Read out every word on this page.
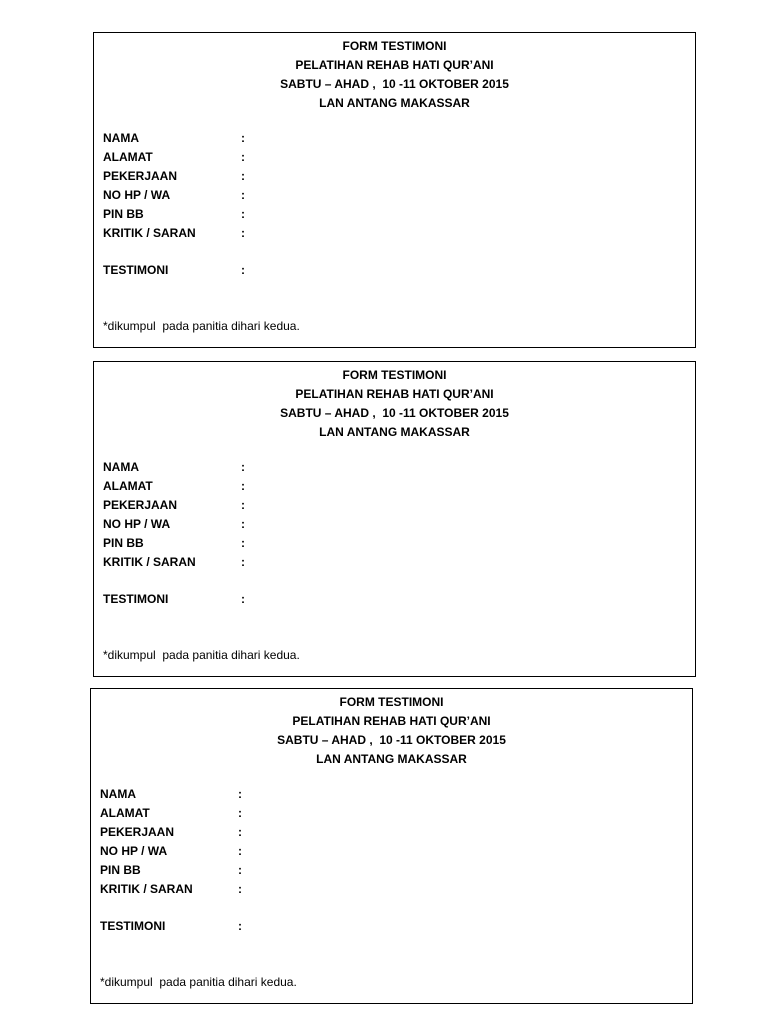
FORM TESTIMONI
PELATIHAN REHAB HATI QUR’ANI
SABTU – AHAD ,  10 -11 OKTOBER 2015
LAN ANTANG MAKASSAR
NAMA	:
ALAMAT	:
PEKERJAAN	:
NO HP / WA	:
PIN BB	:
KRITIK / SARAN	:
TESTIMONI	:
*dikumpul  pada panitia dihari kedua.
FORM TESTIMONI
PELATIHAN REHAB HATI QUR’ANI
SABTU – AHAD ,  10 -11 OKTOBER 2015
LAN ANTANG MAKASSAR
NAMA	:
ALAMAT	:
PEKERJAAN	:
NO HP / WA	:
PIN BB	:
KRITIK / SARAN	:
TESTIMONI	:
*dikumpul  pada panitia dihari kedua.
FORM TESTIMONI
PELATIHAN REHAB HATI QUR’ANI
SABTU – AHAD ,  10 -11 OKTOBER 2015
LAN ANTANG MAKASSAR
NAMA	:
ALAMAT	:
PEKERJAAN	:
NO HP / WA	:
PIN BB	:
KRITIK / SARAN	:
TESTIMONI	:
*dikumpul  pada panitia dihari kedua.
